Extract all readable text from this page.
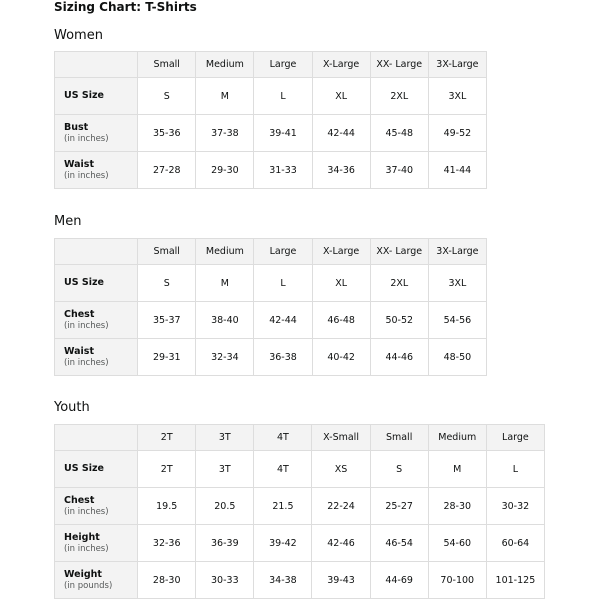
Sizing Chart: T-Shirts
Women
	Small	Medium	Large	X-Large	XX- Large	3X-Large

US Size	S	M	L	XL	2XL	3XL

Bust
(in inches)	35-36	37-38	39-41	42-44	45-48	49-52

Waist
(in inches)	27-28	29-30	31-33	34-36	37-40	41-44
Men
	Small	Medium	Large	X-Large	XX- Large	3X-Large

US Size	S	M	L	XL	2XL	3XL

Chest
(in inches)	35-37	38-40	42-44	46-48	50-52	54-56

Waist
(in inches)	29-31	32-34	36-38	40-42	44-46	48-50
Youth
	2T	3T	4T	X-Small	Small	Medium	Large

US Size	2T	3T	4T	XS	S	M	L

Chest
(in inches)	19.5	20.5	21.5	22-24	25-27	28-30	30-32

Height
(in inches)	32-36	36-39	39-42	42-46	46-54	54-60	60-64

Weight
(in pounds)	28-30	30-33	34-38	39-43	44-69	70-100	101-125
